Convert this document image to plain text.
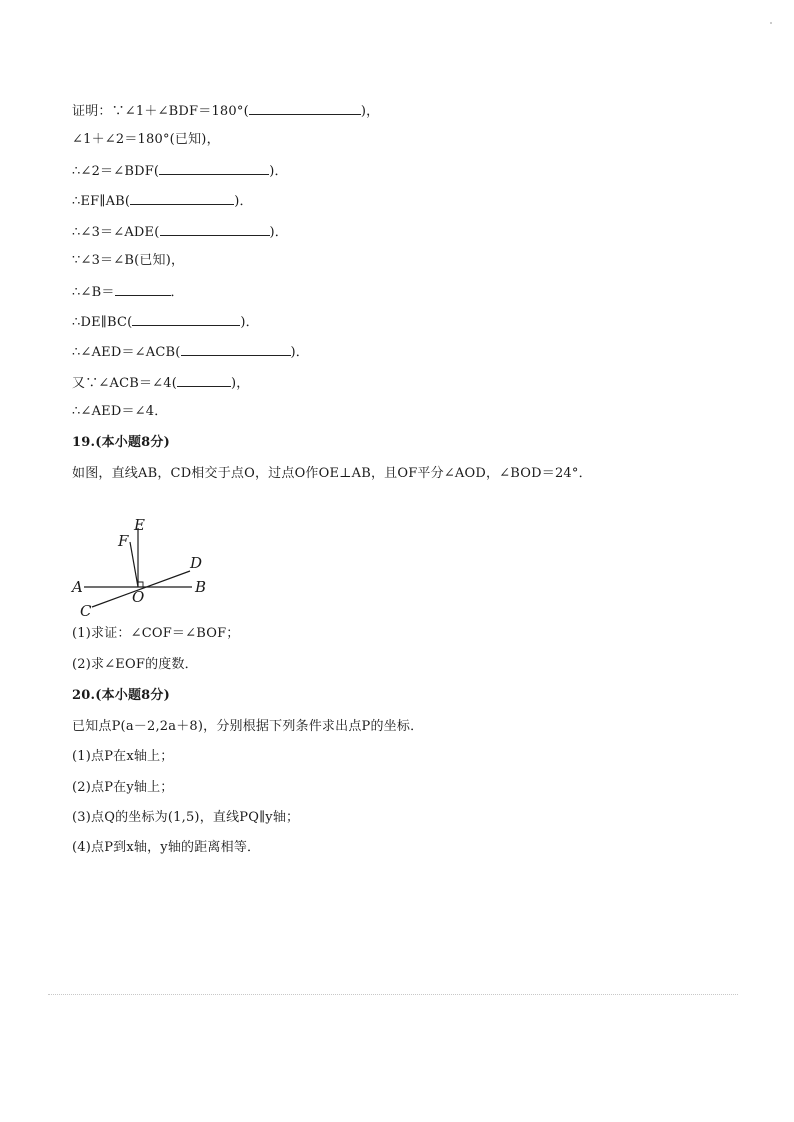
证明：∵∠1＋∠BDF＝180°(	)，
∠1＋∠2＝180°(已知)，
∴∠2＝∠BDF(	)．
∴EF∥AB(	)．
∴∠3＝∠ADE(	)．
∵∠3＝∠B(已知)，
∴∠B＝	．
∴DE∥BC(	)．
∴∠AED＝∠ACB(	)．
又∵∠ACB＝∠4(	)，
∴∠AED＝∠4．
19.(本小题8分)
如图，直线AB，CD相交于点O，过点O作OE⊥AB，且OF平分∠AOD，∠BOD＝24°．
E
F
D
A	B
O
C
(1)求证：∠COF＝∠BOF；
(2)求∠EOF的度数．
20.(本小题8分)
已知点P(a－2,2a＋8)，分别根据下列条件求出点P的坐标．
(1)点P在x轴上；
(2)点P在y轴上；
(3)点Q的坐标为(1,5)，直线PQ∥y轴；
(4)点P到x轴，y轴的距离相等．
